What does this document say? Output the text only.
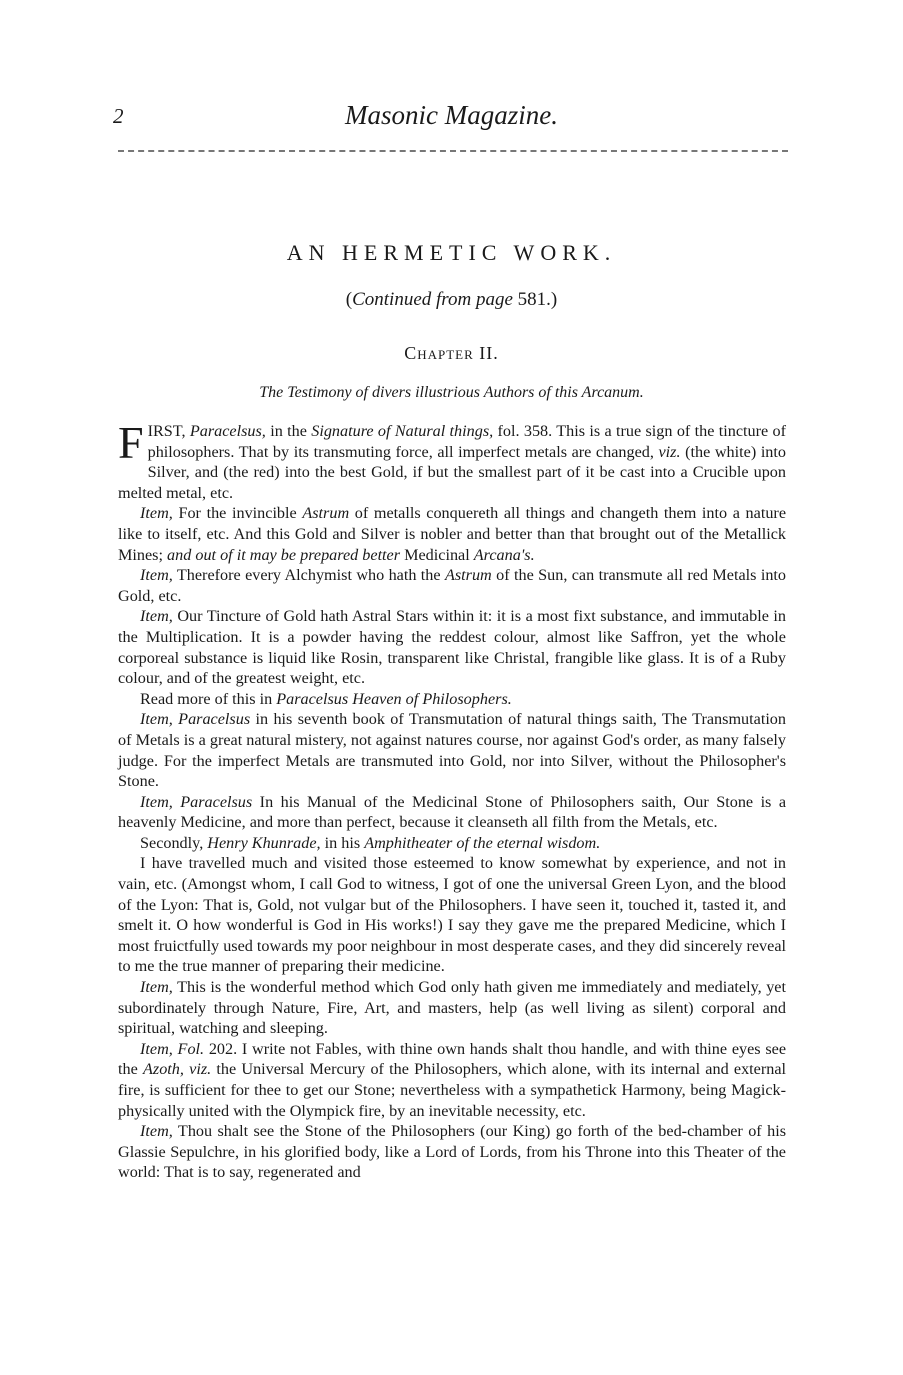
2	Masonic Magazine.
AN HERMETIC WORK.
(Continued from page 581.)
Chapter II.
The Testimony of divers illustrious Authors of this Arcanum.

FIRST, Paracelsus, in the Signature of Natural things, fol. 358. This is a true sign of the tincture of philosophers. That by its transmuting force, all imperfect metals are changed, viz. (the white) into Silver, and (the red) into the best Gold, if but the smallest part of it be cast into a Crucible upon melted metal, etc.

Item, For the invincible Astrum of metalls conquereth all things and changeth them into a nature like to itself, etc. And this Gold and Silver is nobler and better than that brought out of the Metallick Mines; and out of it may be prepared better Medicinal Arcana's.

Item, Therefore every Alchymist who hath the Astrum of the Sun, can transmute all red Metals into Gold, etc.

Item, Our Tincture of Gold hath Astral Stars within it: it is a most fixt substance, and immutable in the Multiplication. It is a powder having the reddest colour, almost like Saffron, yet the whole corporeal substance is liquid like Rosin, transparent like Christal, frangible like glass. It is of a Ruby colour, and of the greatest weight, etc.

Read more of this in Paracelsus Heaven of Philosophers.

Item, Paracelsus in his seventh book of Transmutation of natural things saith, The Transmutation of Metals is a great natural mistery, not against natures course, nor against God's order, as many falsely judge. For the imperfect Metals are transmuted into Gold, nor into Silver, without the Philosopher's Stone.

Item, Paracelsus In his Manual of the Medicinal Stone of Philosophers saith, Our Stone is a heavenly Medicine, and more than perfect, because it cleanseth all filth from the Metals, etc.

Secondly, Henry Khunrade, in his Amphitheater of the eternal wisdom.

I have travelled much and visited those esteemed to know somewhat by experience, and not in vain, etc. (Amongst whom, I call God to witness, I got of one the universal Green Lyon, and the blood of the Lyon: That is, Gold, not vulgar but of the Philosophers. I have seen it, touched it, tasted it, and smelt it. O how wonderful is God in His works!) I say they gave me the prepared Medicine, which I most fruictfully used towards my poor neighbour in most desperate cases, and they did sincerely reveal to me the true manner of preparing their medicine.

Item, This is the wonderful method which God only hath given me immediately and mediately, yet subordinately through Nature, Fire, Art, and masters, help (as well living as silent) corporal and spiritual, watching and sleeping.

Item, Fol. 202. I write not Fables, with thine own hands shalt thou handle, and with thine eyes see the Azoth, viz. the Universal Mercury of the Philosophers, which alone, with its internal and external fire, is sufficient for thee to get our Stone; nevertheless with a sympathetick Harmony, being Magick-physically united with the Olympick fire, by an inevitable necessity, etc.

Item, Thou shalt see the Stone of the Philosophers (our King) go forth of the bed-chamber of his Glassie Sepulchre, in his glorified body, like a Lord of Lords, from his Throne into this Theater of the world: That is to say, regenerated and
